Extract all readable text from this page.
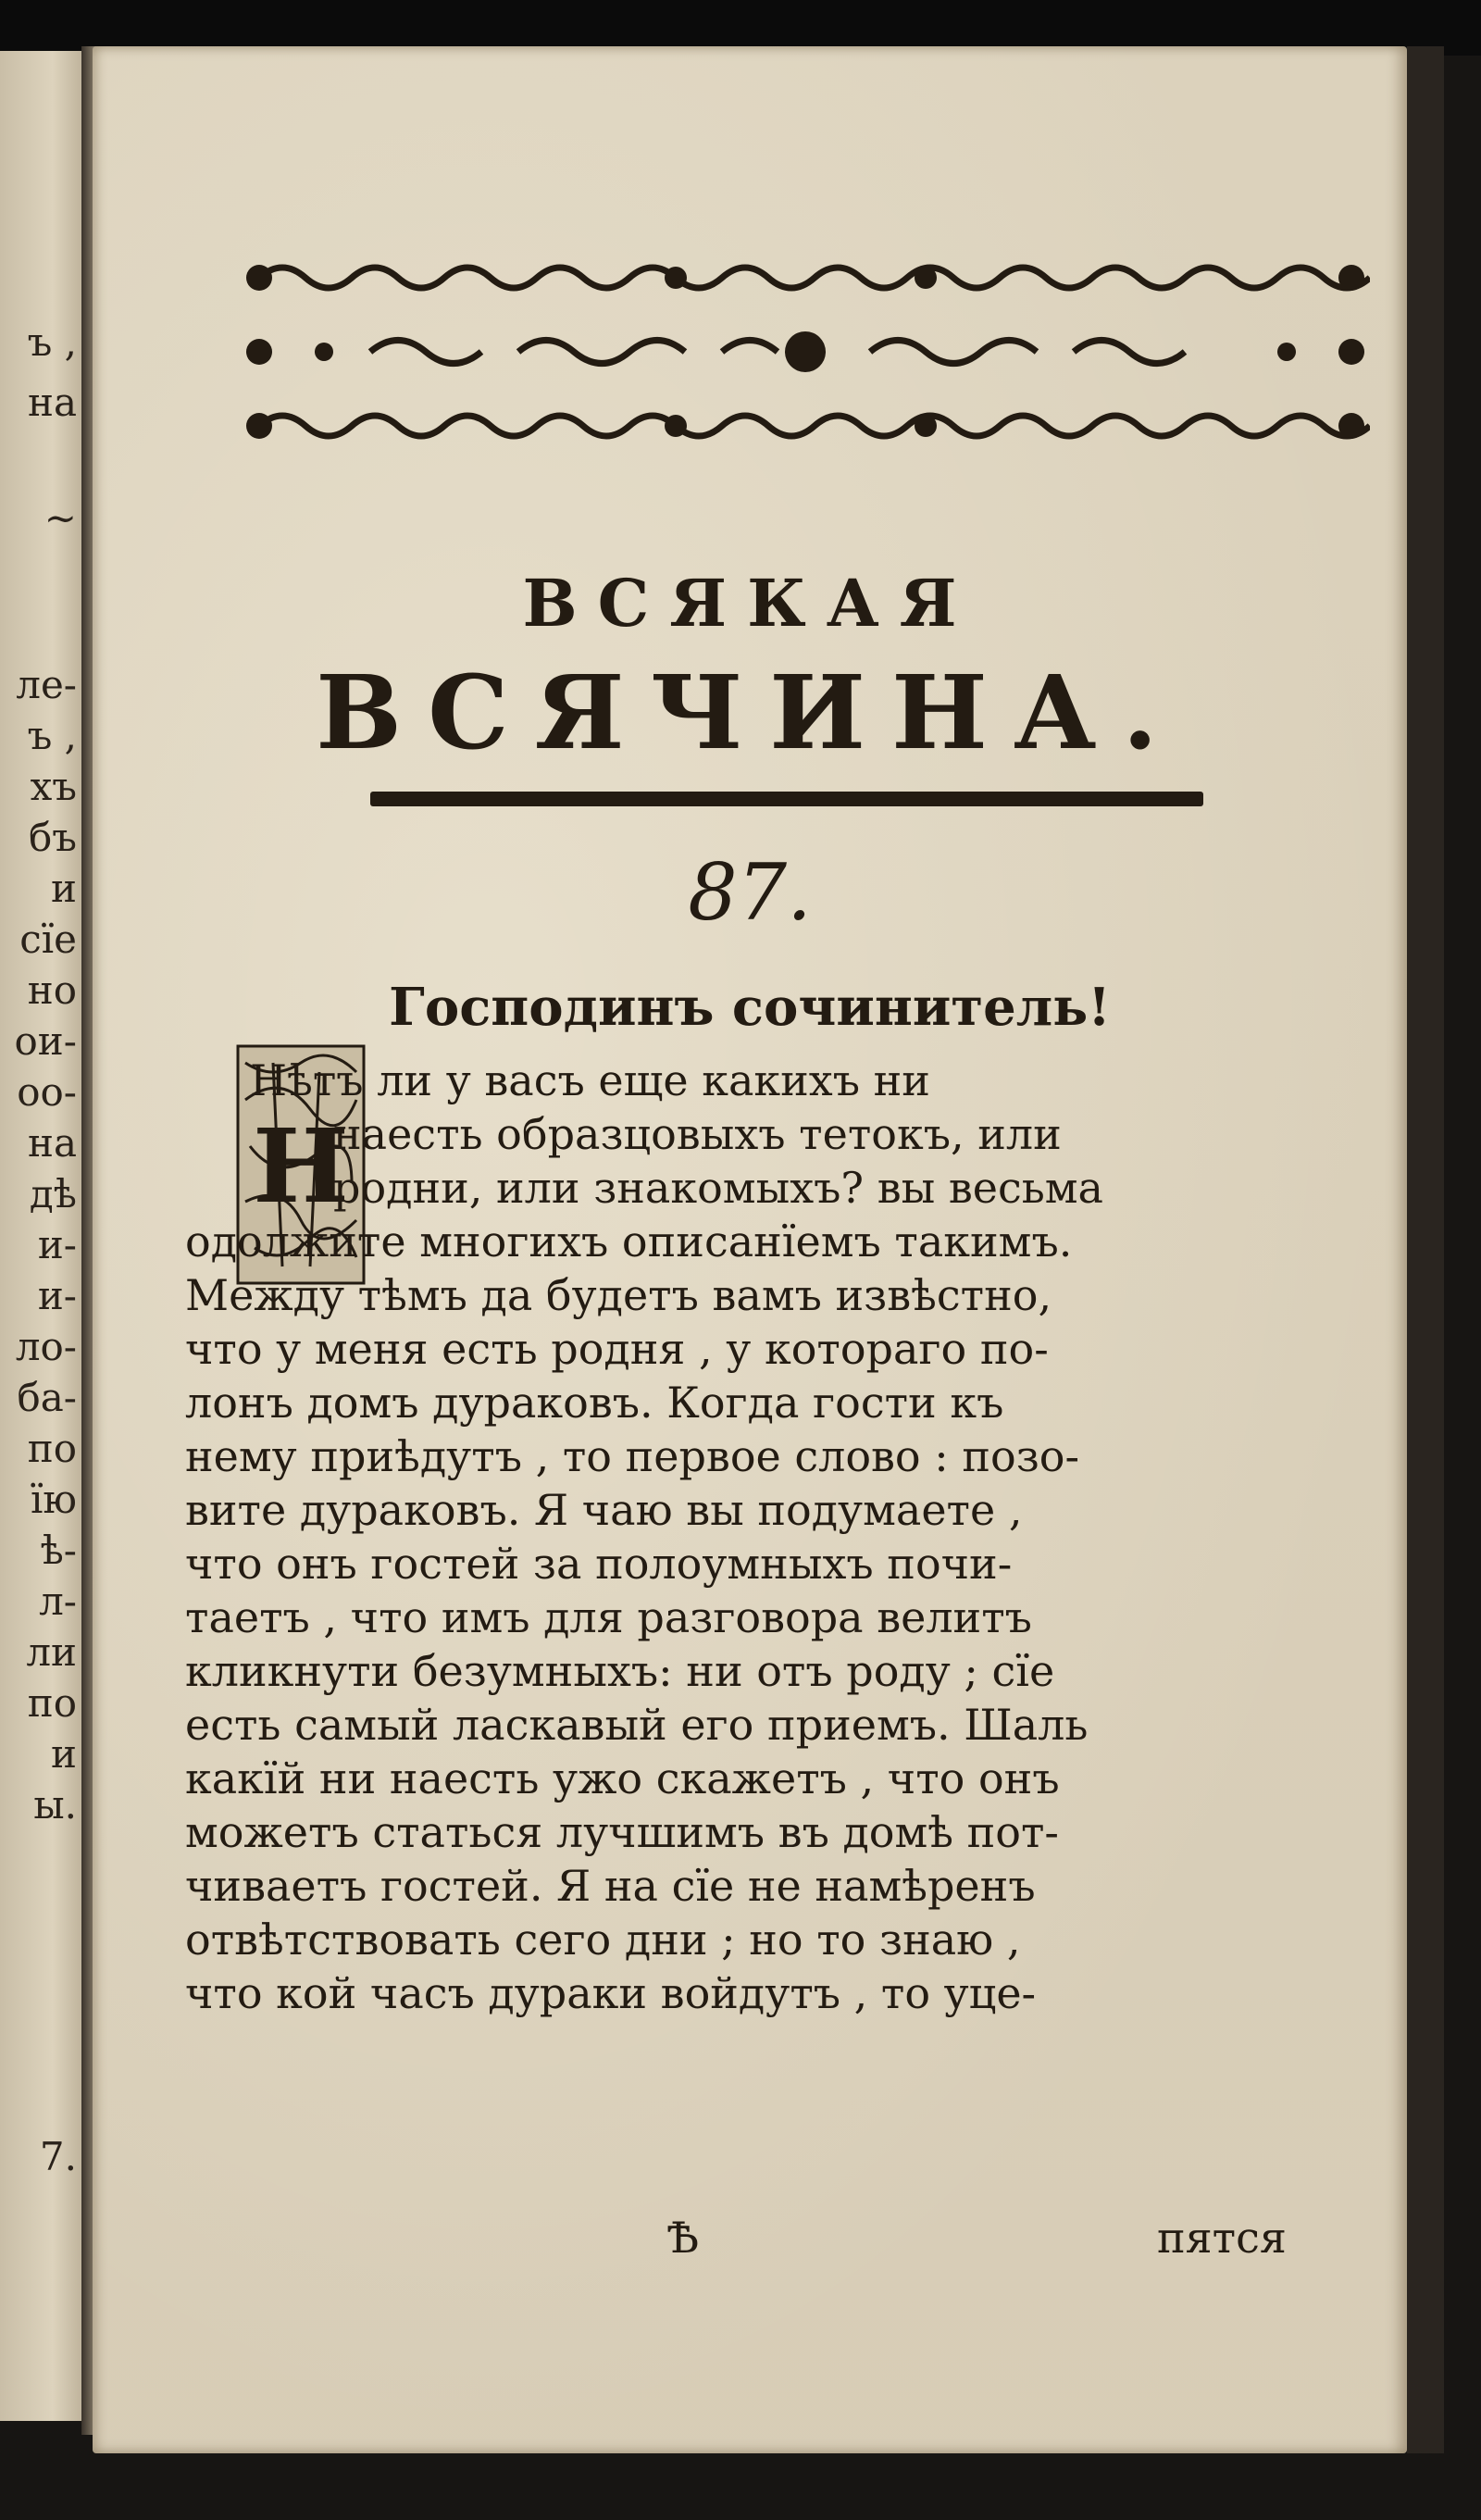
ъ ,
на
~
ле-
ъ ,
хъ
бъ
и
сїе
но
ои-
оо-
на
дѣ
и-
и-
ло-
ба-
по
їю
ѣ-
л-
ли
по
и
ы.
7.
ВСЯКАЯ
ВСЯЧИНА.
87.
Господинъ сочинитель!
Н
Нѣтъ ли у васъ еще какихъ ни
наесть образцовыхъ тетокъ, или
родни, или знакомыхъ? вы весьма
одолжите многихъ описанїемъ такимъ.
Между тѣмъ да будетъ вамъ извѣстно,
что у меня есть родня , у котораго по-
лонъ домъ дураковъ. Когда гости къ
нему приѣдутъ , то первое слово : позо-
вите дураковъ. Я чаю вы подумаете ,
что онъ гостей за полоумныхъ почи-
таетъ , что имъ для разговора велитъ
кликнути безумныхъ: ни отъ роду ; сїе
есть самый ласкавый его приемъ. Шаль
какїй ни наесть ужо скажетъ , что онъ
можетъ статься лучшимъ въ домѣ пот-
чиваетъ гостей. Я на сїе не намѣренъ
отвѣтствовать сего дни ; но то знаю ,
что кой часъ дураки войдутъ , то уце-
Ѣ	пятся
